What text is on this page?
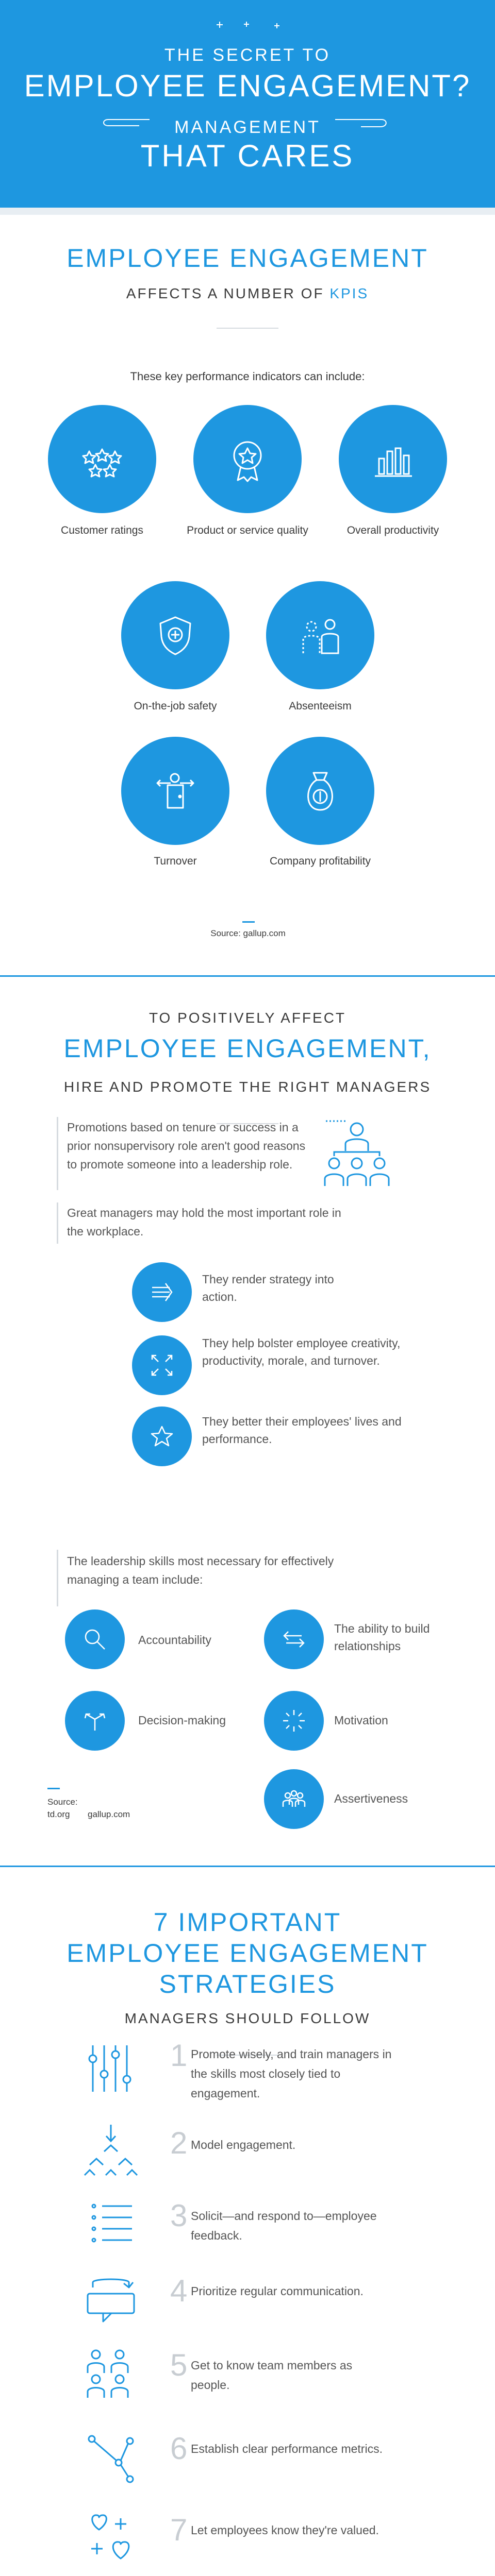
THE SECRET TO
EMPLOYEE ENGAGEMENT?
MANAGEMENT
THAT CARES
EMPLOYEE ENGAGEMENT
AFFECTS A NUMBER OF KPIS
These key performance indicators can include:
Customer ratings	Product or service quality	Overall productivity
On-the-job safety	Absenteeism
Turnover	Company profitability
Source: gallup.com
TO POSITIVELY AFFECT
EMPLOYEE ENGAGEMENT,
HIRE AND PROMOTE THE RIGHT MANAGERS
Promotions based on tenure or success in a prior nonsupervisory role aren't good reasons to promote someone into a leadership role.
Great managers may hold the most important role in the workplace.
They render strategy into action.
They help bolster employee creativity, productivity, morale, and turnover.
They better their employees' lives and performance.
The leadership skills most necessary for effectively managing a team include:
Accountability
The ability to build relationships
Decision-making	Motivation
Assertiveness
Source:
td.org gallup.com
7 IMPORTANT
EMPLOYEE ENGAGEMENT
STRATEGIES
MANAGERS SHOULD FOLLOW
1 Promote wisely, and train managers in the skills most closely tied to engagement.
2 Model engagement.
3 Solicit—and respond to—employee feedback.
4 Prioritize regular communication.
5 Get to know team members as people.
6 Establish clear performance metrics.
7 Let employees know they're valued.
